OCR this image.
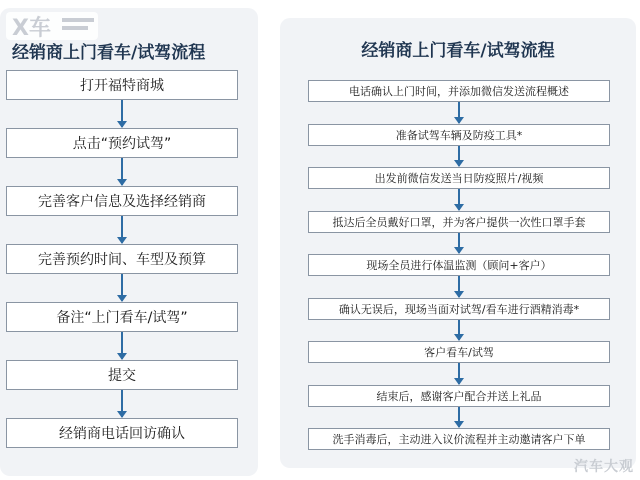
经销商上门看车/试驾流程
打开福特商城
点击“预约试驾”
完善客户信息及选择经销商
完善预约时间、车型及预算
备注“上门看车/试驾”
提交
经销商电话回访确认
经销商上门看车/试驾流程
电话确认上门时间，并添加微信发送流程概述
准备试驾车辆及防疫工具*
出发前微信发送当日防疫照片/视频
抵达后全员戴好口罩，并为客户提供一次性口罩手套
现场全员进行体温监测（顾问+客户）
确认无误后，现场当面对试驾/看车进行酒精消毒*
客户看车/试驾
结束后，感谢客户配合并送上礼品
洗手消毒后，主动进入议价流程并主动邀请客户下单
X车
汽车大观
